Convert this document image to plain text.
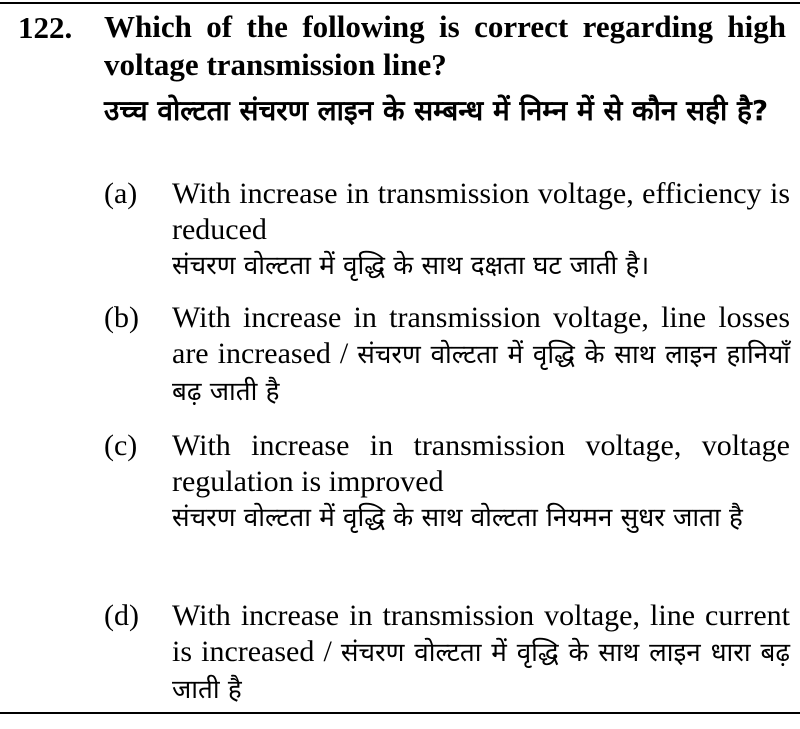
122. Which of the following is correct regarding high voltage transmission line?
उच्च वोल्टता संचरण लाइन के सम्बन्ध में निम्न में से कौन सही है?
(a)	With increase in transmission voltage, efficiency is reduced
संचरण वोल्टता में वृद्धि के साथ दक्षता घट जाती है।
(b)	With increase in transmission voltage, line losses are increased / संचरण वोल्टता में वृद्धि के साथ लाइन हानियाँ बढ़ जाती है
(c)	With increase in transmission voltage, voltage regulation is improved
संचरण वोल्टता में वृद्धि के साथ वोल्टता नियमन सुधर जाता है
(d)	With increase in transmission voltage, line current is increased / संचरण वोल्टता में वृद्धि के साथ लाइन धारा बढ़ जाती है
